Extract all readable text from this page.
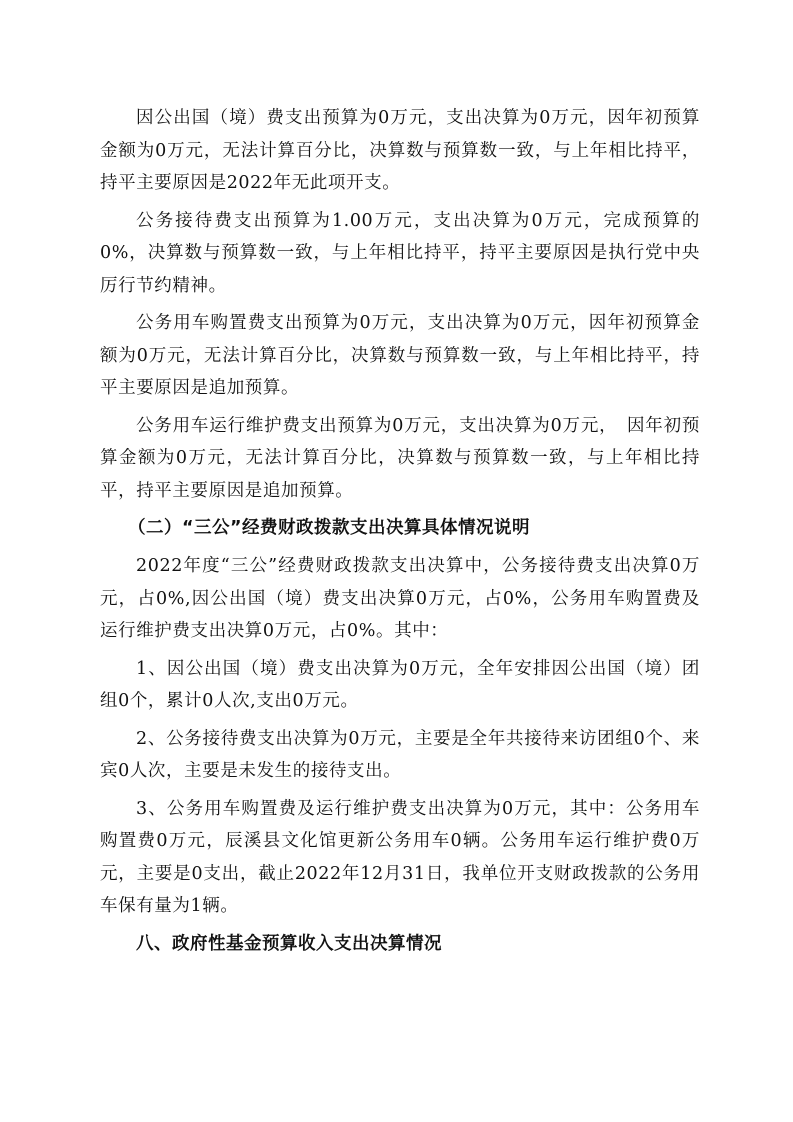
因公出国（境）费支出预算为0万元，支出决算为0万元，因年初预算金额为0万元，无法计算百分比，决算数与预算数一致，与上年相比持平，持平主要原因是2022年无此项开支。

公务接待费支出预算为1.00万元，支出决算为0万元，完成预算的0%，决算数与预算数一致，与上年相比持平，持平主要原因是执行党中央厉行节约精神。

公务用车购置费支出预算为0万元，支出决算为0万元，因年初预算金额为0万元，无法计算百分比，决算数与预算数一致，与上年相比持平，持平主要原因是追加预算。

公务用车运行维护费支出预算为0万元，支出决算为0万元，　因年初预算金额为0万元，无法计算百分比，决算数与预算数一致，与上年相比持平，持平主要原因是追加预算。

（二）“三公”经费财政拨款支出决算具体情况说明

2022年度“三公”经费财政拨款支出决算中，公务接待费支出决算0万元，占0%,因公出国（境）费支出决算0万元，占0%，公务用车购置费及运行维护费支出决算0万元，占0%。其中：

1、因公出国（境）费支出决算为0万元，全年安排因公出国（境）团组0个，累计0人次,支出0万元。

2、公务接待费支出决算为0万元，主要是全年共接待来访团组0个、来宾0人次，主要是未发生的接待支出。

3、公务用车购置费及运行维护费支出决算为0万元，其中：公务用车购置费0万元，辰溪县文化馆更新公务用车0辆。公务用车运行维护费0万元，主要是0支出，截止2022年12月31日，我单位开支财政拨款的公务用车保有量为1辆。

八、政府性基金预算收入支出决算情况
